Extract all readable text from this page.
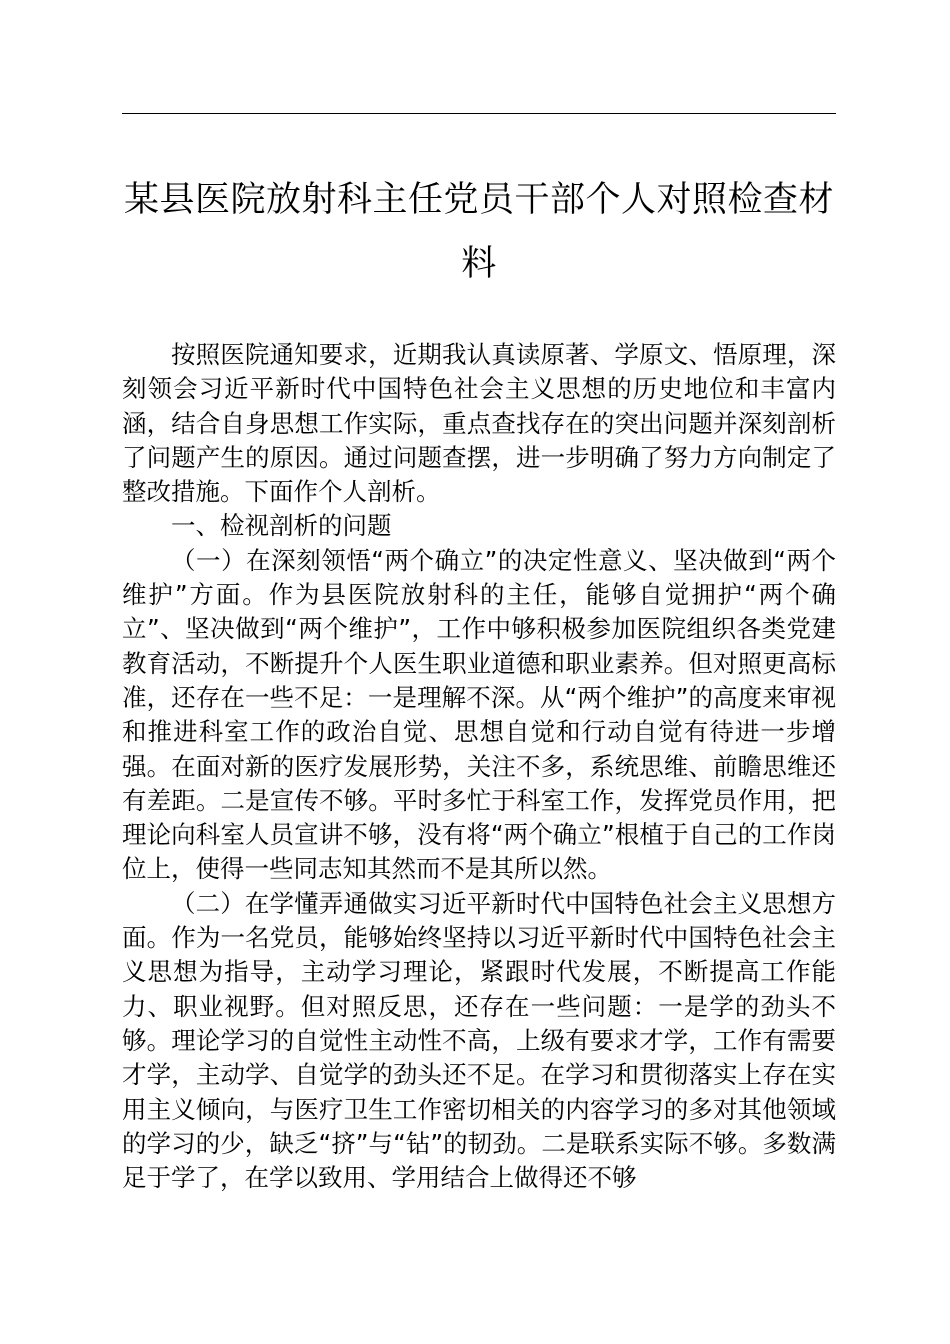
某县医院放射科主任党员干部个人对照检查材料

按照医院通知要求，近期我认真读原著、学原文、悟原理，深刻领会习近平新时代中国特色社会主义思想的历史地位和丰富内涵，结合自身思想工作实际，重点查找存在的突出问题并深刻剖析了问题产生的原因。通过问题查摆，进一步明确了努力方向制定了整改措施。下面作个人剖析。

一、检视剖析的问题

（一）在深刻领悟“两个确立”的决定性意义、坚决做到“两个维护”方面。作为县医院放射科的主任，能够自觉拥护“两个确立”、坚决做到“两个维护”，工作中够积极参加医院组织各类党建教育活动，不断提升个人医生职业道德和职业素养。但对照更高标准，还存在一些不足：一是理解不深。从“两个维护”的高度来审视和推进科室工作的政治自觉、思想自觉和行动自觉有待进一步增强。在面对新的医疗发展形势，关注不多，系统思维、前瞻思维还有差距。二是宣传不够。平时多忙于科室工作，发挥党员作用，把理论向科室人员宣讲不够，没有将“两个确立”根植于自己的工作岗位上，使得一些同志知其然而不是其所以然。

（二）在学懂弄通做实习近平新时代中国特色社会主义思想方面。作为一名党员，能够始终坚持以习近平新时代中国特色社会主义思想为指导，主动学习理论，紧跟时代发展，不断提高工作能力、职业视野。但对照反思，还存在一些问题：一是学的劲头不够。理论学习的自觉性主动性不高，上级有要求才学，工作有需要才学，主动学、自觉学的劲头还不足。在学习和贯彻落实上存在实用主义倾向，与医疗卫生工作密切相关的内容学习的多对其他领域的学习的少，缺乏“挤”与“钻”的韧劲。二是联系实际不够。多数满足于学了，在学以致用、学用结合上做得还不够
